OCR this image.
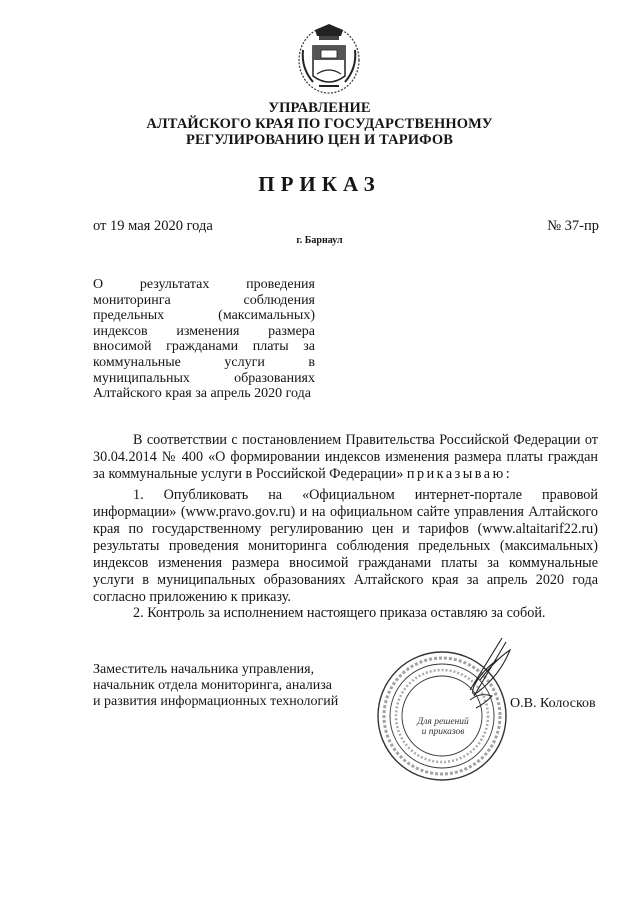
УПРАВЛЕНИЕ
АЛТАЙСКОГО КРАЯ ПО ГОСУДАРСТВЕННОМУ
РЕГУЛИРОВАНИЮ ЦЕН И ТАРИФОВ
ПРИКАЗ
от 19 мая 2020 года	№ 37-пр
г. Барнаул
О результатах проведения мониторинга соблюдения предельных (максимальных) индексов изменения размера вносимой гражданами платы за коммунальные услуги в муниципальных образованиях Алтайского края за апрель 2020 года
В соответствии с постановлением Правительства Российской Федерации от 30.04.2014 № 400 «О формировании индексов изменения размера платы граждан за коммунальные услуги в Российской Федерации» приказываю:
1. Опубликовать на «Официальном интернет-портале правовой информации» (www.pravo.gov.ru) и на официальном сайте управления Алтайского края по государственному регулированию цен и тарифов (www.altaitarif22.ru) результаты проведения мониторинга соблюдения предельных (максимальных) индексов изменения размера вносимой гражданами платы за коммунальные услуги в муниципальных образованиях Алтайского края за апрель 2020 года согласно приложению к приказу.
2. Контроль за исполнением настоящего приказа оставляю за собой.
Заместитель начальника управления,
начальник отдела мониторинга, анализа
и развития информационных технологий	О.В. Колосков
Для решений
и приказов
